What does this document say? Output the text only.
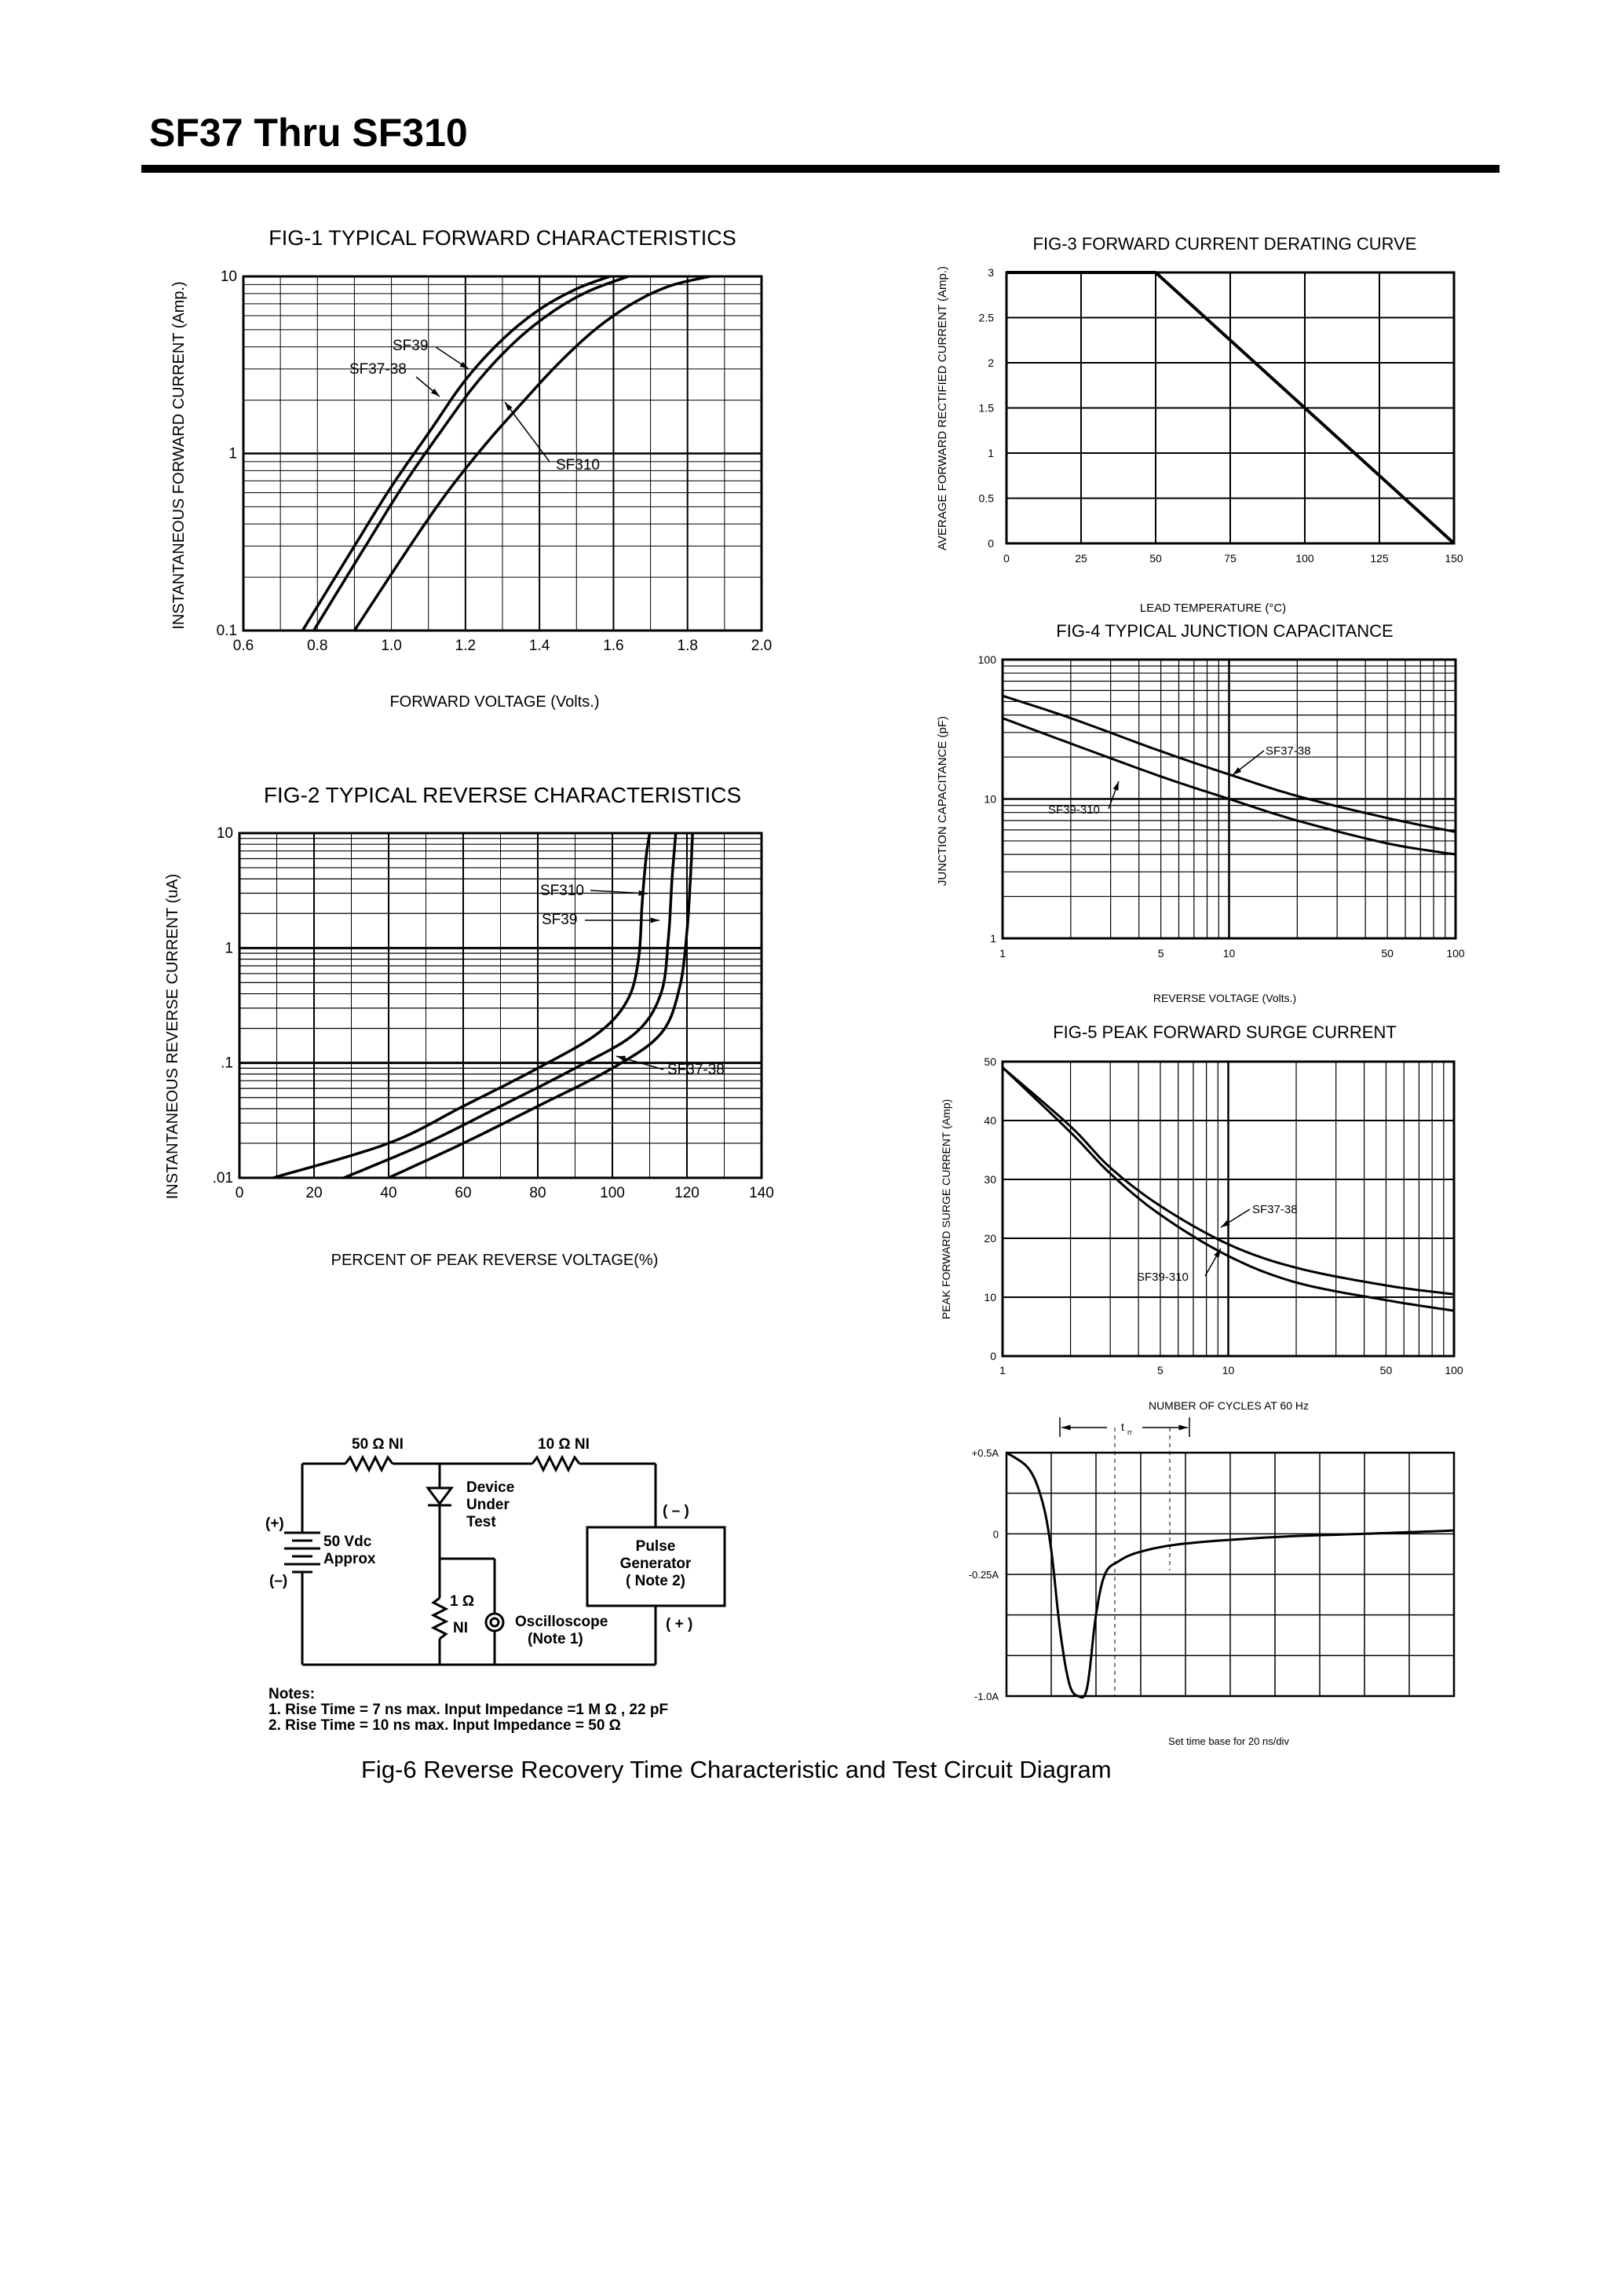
SF37 Thru SF310
FIG-1 TYPICAL FORWARD CHARACTERISTICS
FORWARD VOLTAGE (Volts.)
INSTANTANEOUS FORWARD CURRENT (Amp.)
0.6	0.8	1.0	1.2	1.4	1.6	1.8	2.0
10
1
0.1
SF39
SF37-38
SF310
FIG-2 TYPICAL REVERSE CHARACTERISTICS
PERCENT OF PEAK REVERSE VOLTAGE(%)
INSTANTANEOUS REVERSE CURRENT (uA)	0	20	40	60	80	100	120	140
10
1
.1
.01
SF310
SF39
SF37-38
FIG-3 FORWARD CURRENT DERATING CURVE
LEAD TEMPERATURE (°C)
AVERAGE FORWARD RECTIFIED CURRENT (Amp.)
0	25	50	75	100	125	150
0
0.5
1
1.5
2
2.5
3
FIG-4 TYPICAL JUNCTION CAPACITANCE
REVERSE VOLTAGE (Volts.)
JUNCTION CAPACITANCE (pF)
1	5	10	50	100
100
10
1
SF37-38
SF39-310
FIG-5 PEAK FORWARD SURGE CURRENT
NUMBER OF CYCLES AT 60 Hz
PEAK FORWARD SURGE CURRENT (Amp)
1	5	10	50	100
0
10
20
30
40
50
SF37-38
SF39-310
+0.5A
0
-0.25A
-1.0A
Set time base for 20 ns/div
t rr
50 Ω NI	10 Ω NI
Device
Under
Test
(+)
50 Vdc
Approx
(–)
1 Ω
NI	Oscilloscope
(Note 1)
Pulse
Generator
( Note 2)
( – )
( + )
Notes:
1. Rise Time = 7 ns max. Input Impedance =1 M Ω , 22 pF
2. Rise Time = 10 ns max. Input Impedance = 50 Ω
Fig-6 Reverse Recovery Time Characteristic and Test Circuit Diagram
